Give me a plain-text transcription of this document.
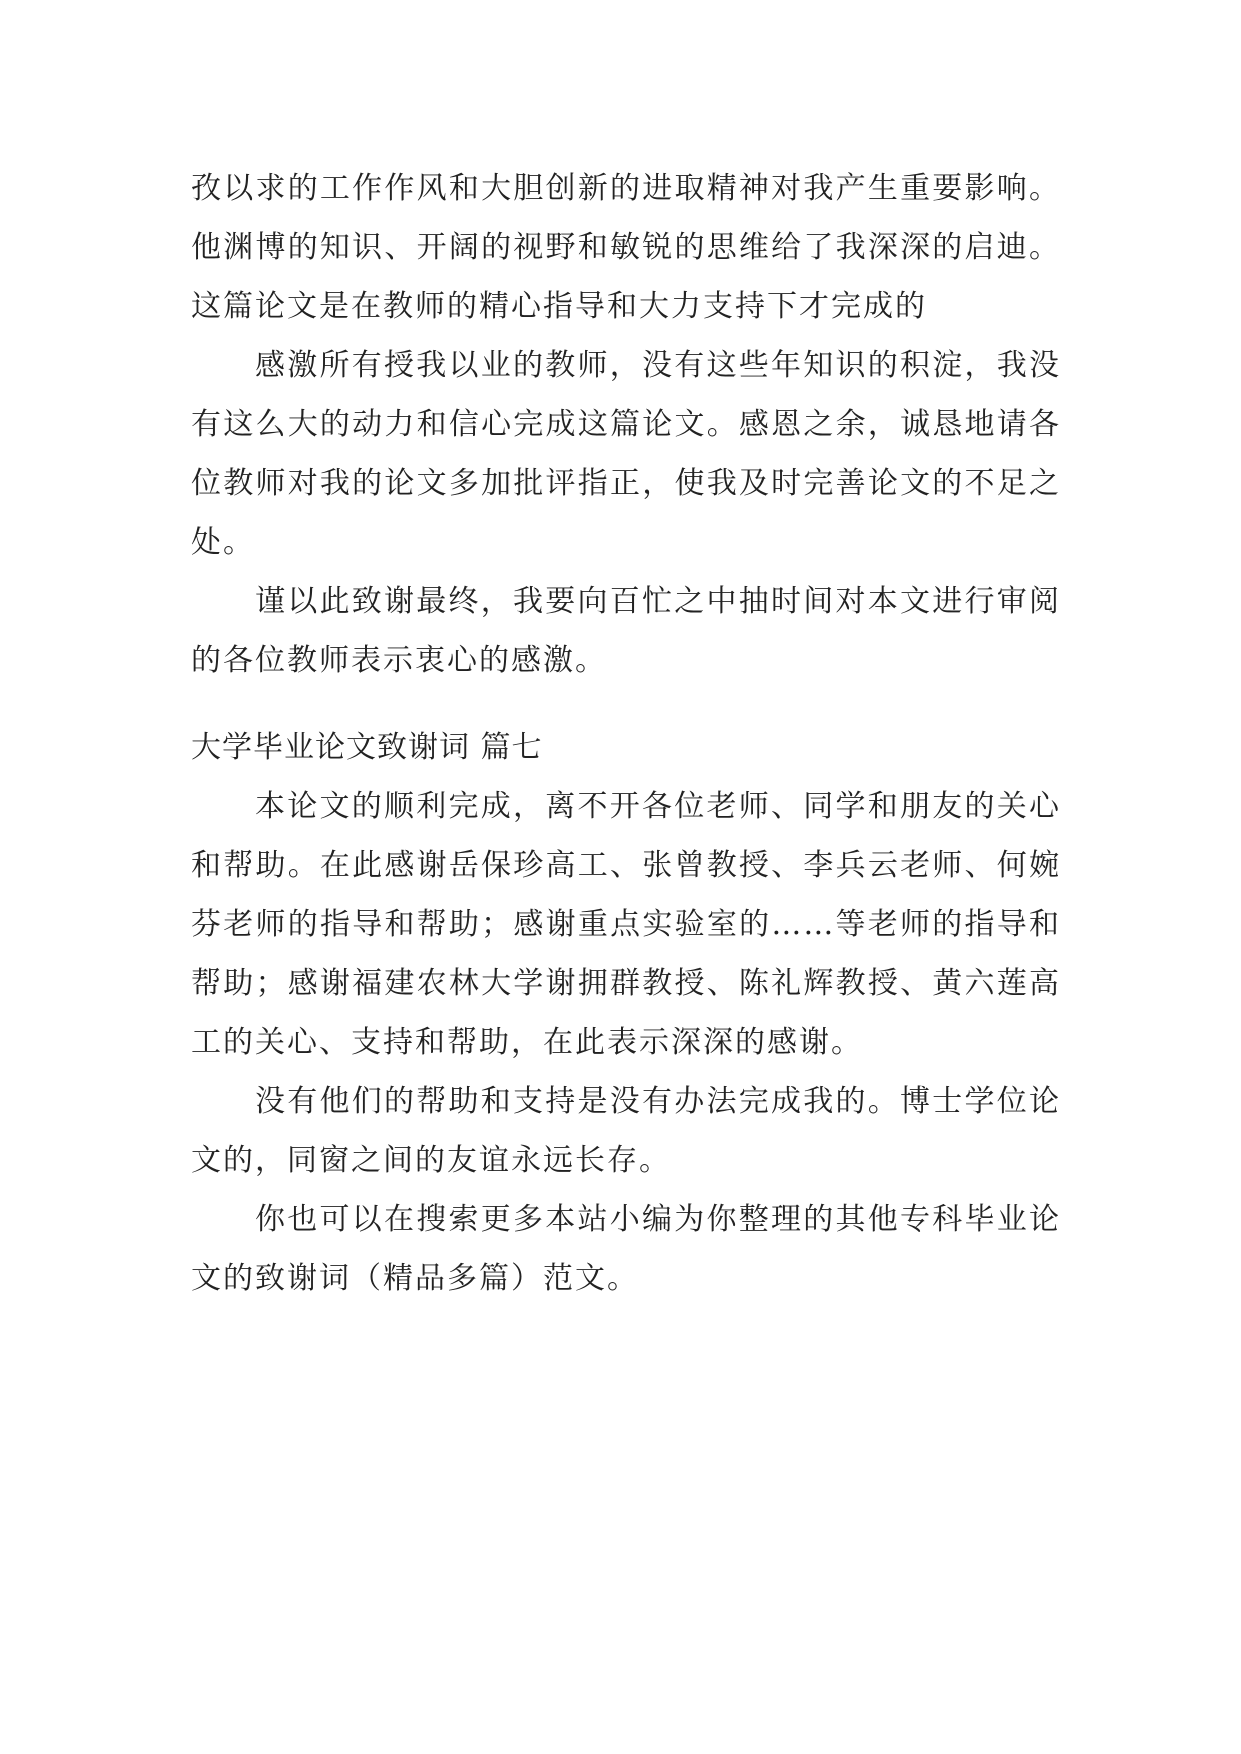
孜以求的工作作风和大胆创新的进取精神对我产生重要影响。他渊博的知识、开阔的视野和敏锐的思维给了我深深的启迪。这篇论文是在教师的精心指导和大力支持下才完成的

感激所有授我以业的教师，没有这些年知识的积淀，我没有这么大的动力和信心完成这篇论文。感恩之余，诚恳地请各位教师对我的论文多加批评指正，使我及时完善论文的不足之处。

谨以此致谢最终，我要向百忙之中抽时间对本文进行审阅的各位教师表示衷心的感激。

大学毕业论文致谢词 篇七

本论文的顺利完成，离不开各位老师、同学和朋友的关心和帮助。在此感谢岳保珍高工、张曾教授、李兵云老师、何婉芬老师的指导和帮助；感谢重点实验室的……等老师的指导和帮助；感谢福建农林大学谢拥群教授、陈礼辉教授、黄六莲高工的关心、支持和帮助，在此表示深深的感谢。

没有他们的帮助和支持是没有办法完成我的。博士学位论文的，同窗之间的友谊永远长存。

你也可以在搜索更多本站小编为你整理的其他专科毕业论文的致谢词（精品多篇）范文。
